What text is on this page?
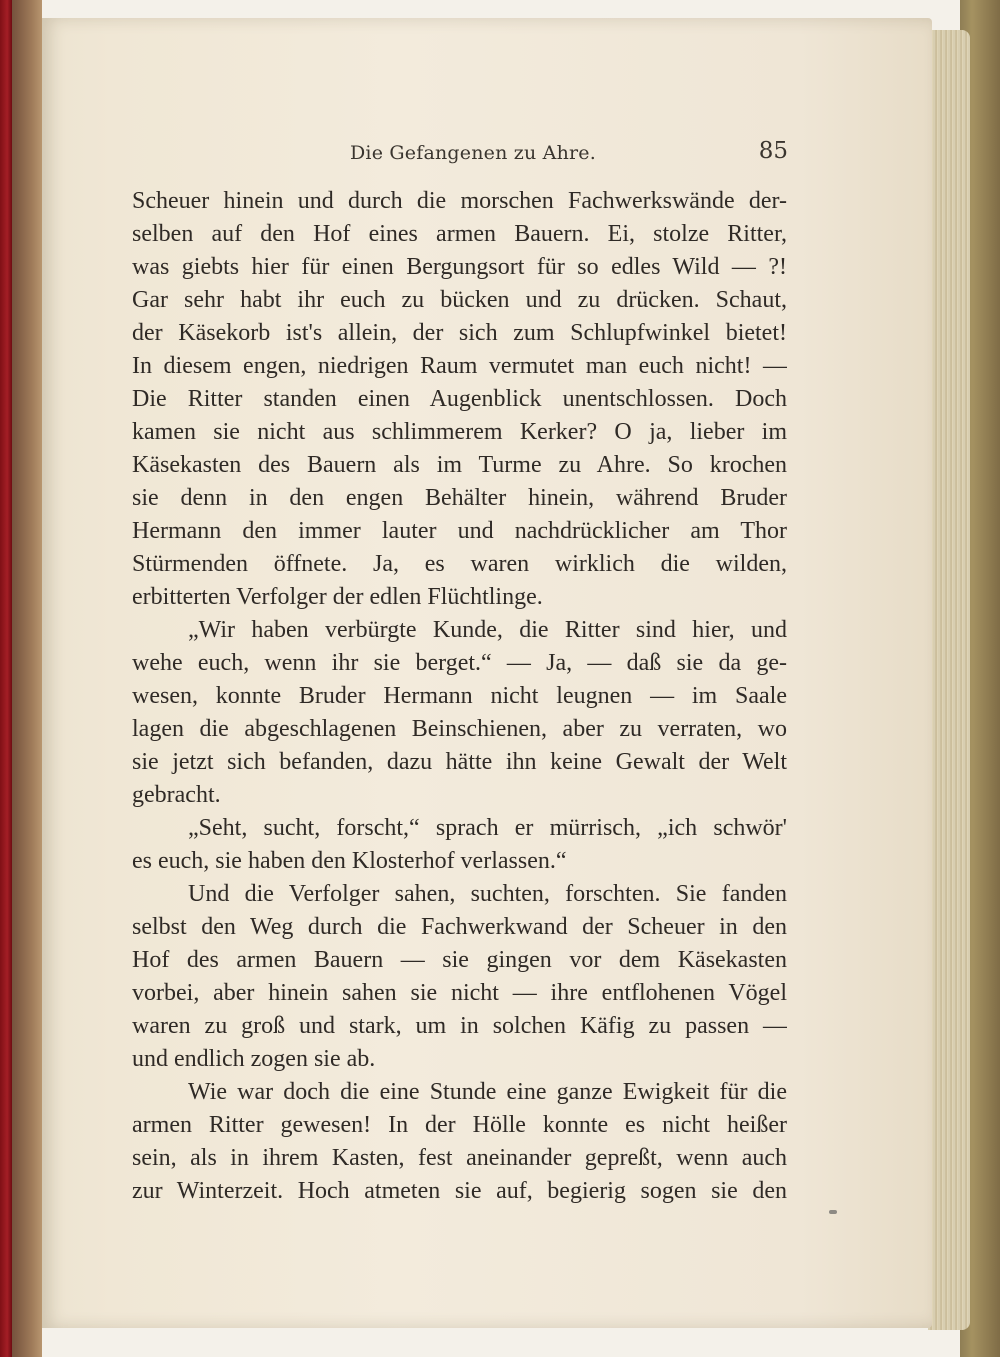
Die Gefangenen zu Ahre.	85
Scheuer hinein und durch die morschen Fachwerkswände der-
selben auf den Hof eines armen Bauern. Ei, stolze Ritter,
was giebts hier für einen Bergungsort für so edles Wild — ?!
Gar sehr habt ihr euch zu bücken und zu drücken. Schaut,
der Käsekorb ist's allein, der sich zum Schlupfwinkel bietet!
In diesem engen, niedrigen Raum vermutet man euch nicht! —
Die Ritter standen einen Augenblick unentschlossen. Doch
kamen sie nicht aus schlimmerem Kerker? O ja, lieber im
Käsekasten des Bauern als im Turme zu Ahre. So krochen
sie denn in den engen Behälter hinein, während Bruder
Hermann den immer lauter und nachdrücklicher am Thor
Stürmenden öffnete. Ja, es waren wirklich die wilden,
erbitterten Verfolger der edlen Flüchtlinge.
„Wir haben verbürgte Kunde, die Ritter sind hier, und
wehe euch, wenn ihr sie berget.“ — Ja, — daß sie da ge-
wesen, konnte Bruder Hermann nicht leugnen — im Saale
lagen die abgeschlagenen Beinschienen, aber zu verraten, wo
sie jetzt sich befanden, dazu hätte ihn keine Gewalt der Welt
gebracht.
„Seht, sucht, forscht,“ sprach er mürrisch, „ich schwör'
es euch, sie haben den Klosterhof verlassen.“
Und die Verfolger sahen, suchten, forschten. Sie fanden
selbst den Weg durch die Fachwerkwand der Scheuer in den
Hof des armen Bauern — sie gingen vor dem Käsekasten
vorbei, aber hinein sahen sie nicht — ihre entflohenen Vögel
waren zu groß und stark, um in solchen Käfig zu passen —
und endlich zogen sie ab.
Wie war doch die eine Stunde eine ganze Ewigkeit für die
armen Ritter gewesen! In der Hölle konnte es nicht heißer
sein, als in ihrem Kasten, fest aneinander gepreßt, wenn auch
zur Winterzeit. Hoch atmeten sie auf, begierig sogen sie den
